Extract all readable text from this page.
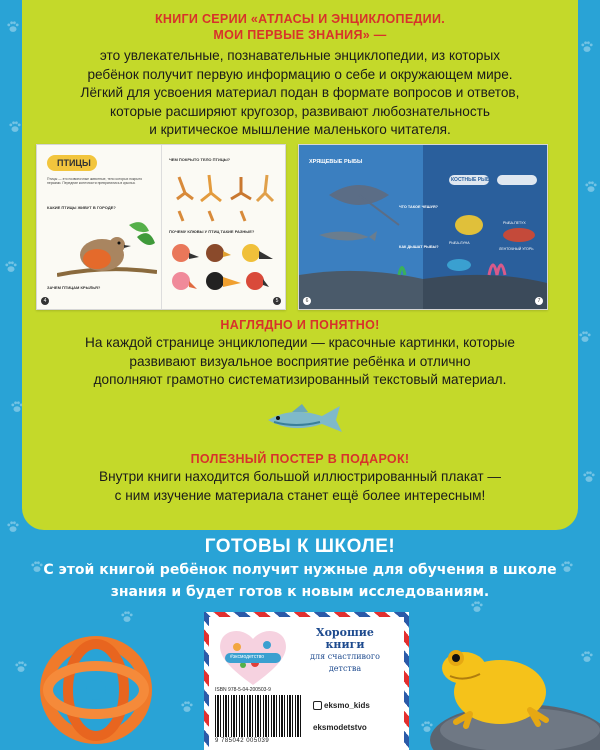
КНИГИ СЕРИИ «АТЛАСЫ И ЭНЦИКЛОПЕДИИ.
МОИ ПЕРВЫЕ ЗНАНИЯ» —
это увлекательные, познавательные энциклопедии, из которых
ребёнок получит первую информацию о себе и окружающем мире.
Лёгкий для усвоения материал подан в формате вопросов и ответов,
которые расширяют кругозор, развивают любознательность
и критическое мышление маленького читателя.
ПТИЦЫ
Птицы — это позвоночные животные, тело которых покрыто перьями. Передние конечности превратились в крылья.
КАКИЕ ПТИЦЫ ЖИВУТ В ГОРОДЕ?
ЗАЧЕМ ПТИЦАМ КРЫЛЬЯ?
4
ЧЕМ ПОКРЫТО ТЕЛО ПТИЦЫ?
ПОЧЕМУ КЛЮВЫ У ПТИЦ ТАКИЕ РАЗНЫЕ?
5
ХРЯЩЕВЫЕ РЫБЫ
КОСТНЫЕ РЫБЫ
ЧТО ТАКОЕ ЧЕШУЯ?
КАК ДЫШАТ РЫБЫ?
РЫБА-ЛУНА
ЛЕНТОЧНЫЙ УГОРЬ
РЫБА-ПЕТУХ
6	7
НАГЛЯДНО И ПОНЯТНО!
На каждой странице энциклопедии — красочные картинки, которые
развивают визуальное восприятие ребёнка и отлично
дополняют грамотно систематизированный текстовый материал.
ПОЛЕЗНЫЙ ПОСТЕР В ПОДАРОК!
Внутри книги находится большой иллюстрированный плакат —
с ним изучение материала станет ещё более интересным!
ГОТОВЫ К ШКОЛЕ!
С этой книгой ребёнок получит нужные для обучения в школе
знания и будет готов к новым исследованиям.
#эксмодетство
Хорошие
книги
для счастливого
детства
ISBN 978-5-04-200503-9
9 785042 005039
eksmo_kids
eksmodetstvo
